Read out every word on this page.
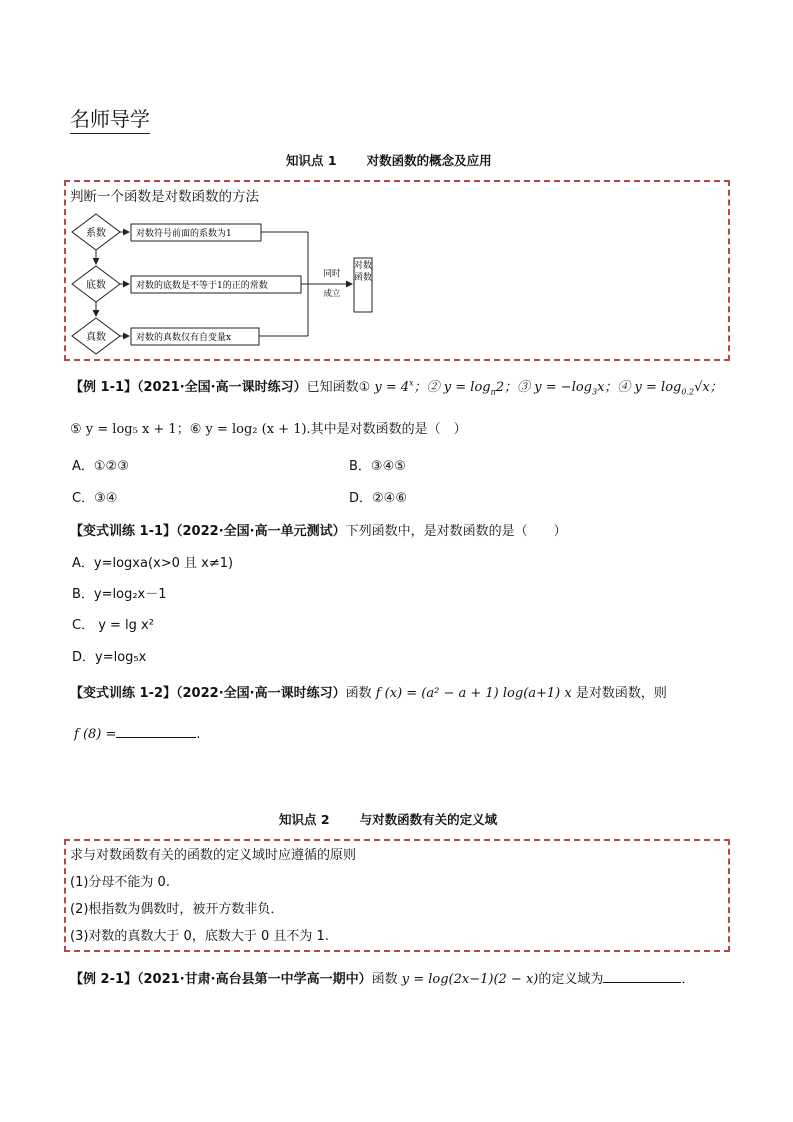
名师导学
知识点 1 对数函数的概念及应用
判断一个函数是对数函数的方法
系数
底数
真数
对数符号前面的系数为1
对数的底数是不等于1的正的常数
对数的真数仅有自变量x
同时
成立
对数函数
【例 1-1】（2021·全国·高一课时练习）已知函数① $y = 4^x$；② $y = \log_\pi 2$；③ $y = -\log_3x$；④ $y = \log_{0.2}√x$；
⑤ y = log₅ x + 1；⑥ y = log₂ (x + 1).其中是对数函数的是（　）
A．①②③	B．③④⑤
C．③④	D．②④⑥
【变式训练 1-1】（2022·全国·高一单元测试）下列函数中，是对数函数的是（　　）
A．y=logxa(x>0 且 x≠1)
B．y=log₂x－1
C． y = lg x²
D．y=log₅x
【变式训练 1-2】（2022·全国·高一课时练习）函数 f (x) = (a² − a + 1) log(a+1) x 是对数函数，则
f (8) =	.
知识点 2 与对数函数有关的定义域
求与对数函数有关的函数的定义域时应遵循的原则
(1)分母不能为 0.
(2)根指数为偶数时，被开方数非负．
(3)对数的真数大于 0，底数大于 0 且不为 1.
【例 2-1】（2021·甘肃·高台县第一中学高一期中）函数 y = log(2x−1)(2 − x)的定义域为	．
